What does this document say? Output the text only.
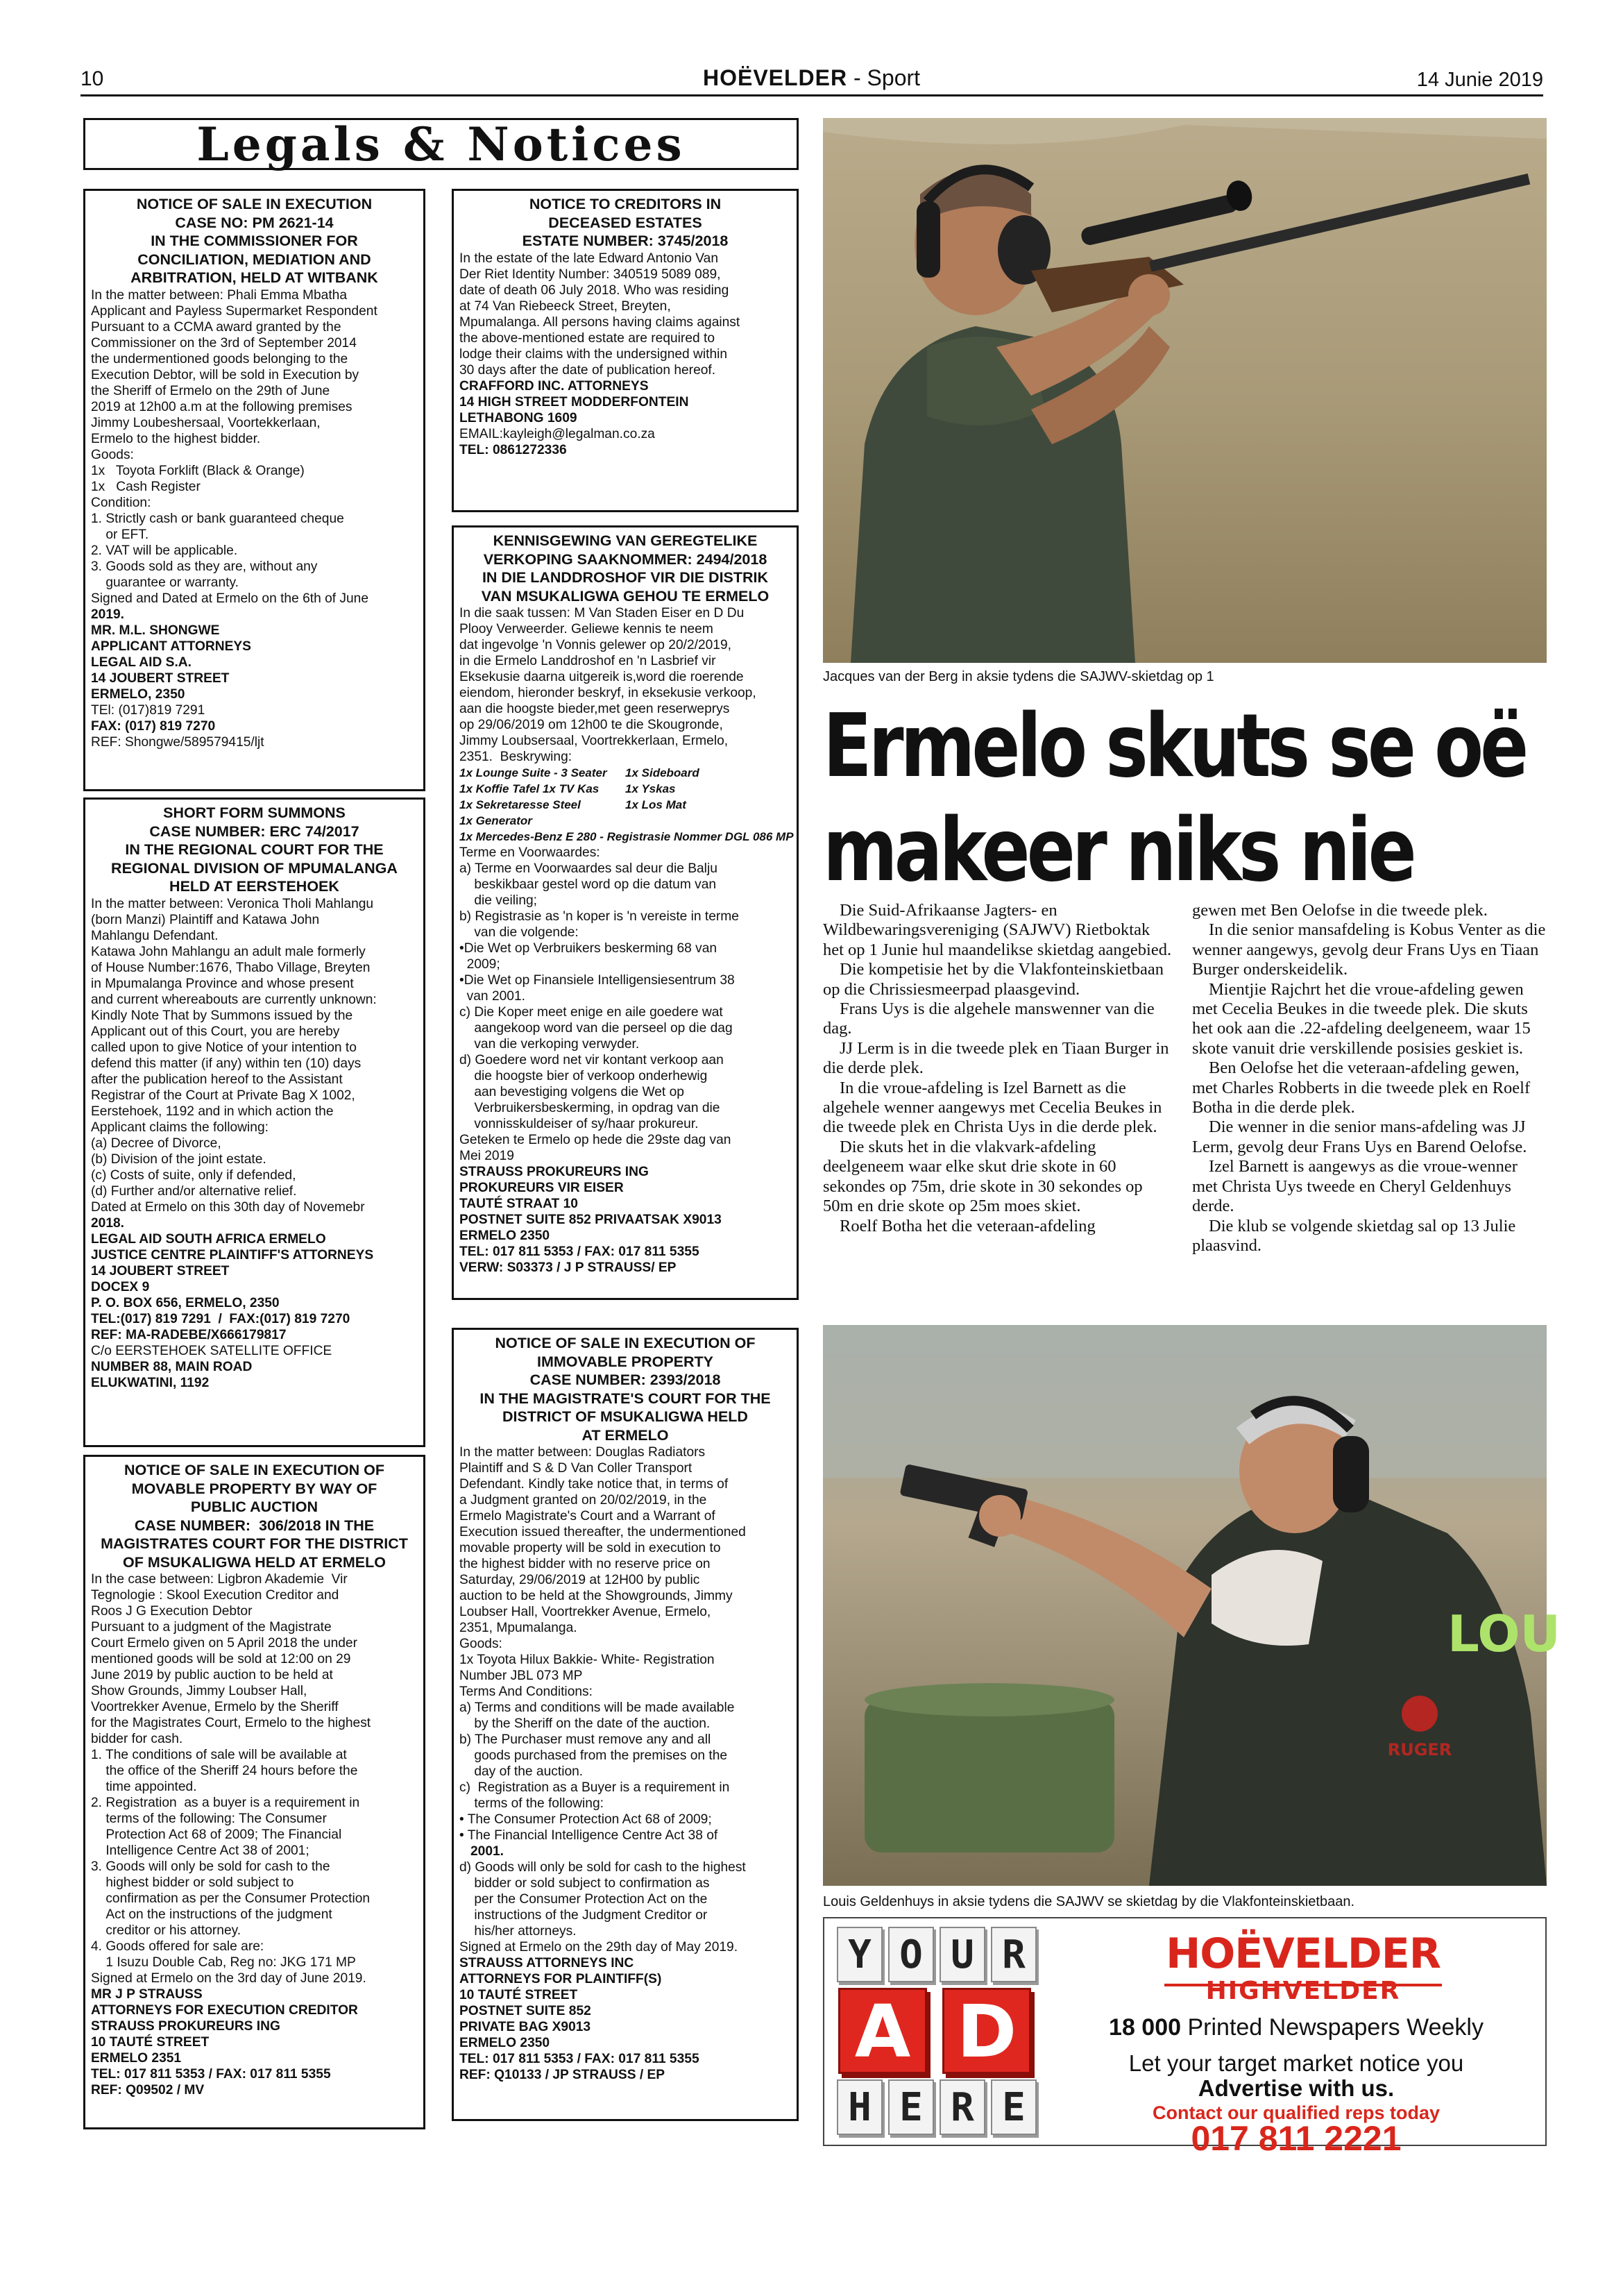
10	HOËVELDER - Sport	14 Junie 2019
Legals & Notices
NOTICE OF SALE IN EXECUTION
CASE NO: PM 2621-14
IN THE COMMISSIONER FOR
CONCILIATION, MEDIATION AND
ARBITRATION, HELD AT WITBANK
In the matter between: Phali Emma Mbatha
Applicant and Payless Supermarket Respondent
Pursuant to a CCMA award granted by the
Commissioner on the 3rd of September 2014
the undermentioned goods belonging to the
Execution Debtor, will be sold in Execution by
the Sheriff of Ermelo on the 29th of June
2019 at 12h00 a.m at the following premises
Jimmy Loubeshersaal, Voortekkerlaan,
Ermelo to the highest bidder.
Goods:
1x   Toyota Forklift (Black & Orange)
1x   Cash Register
Condition:
1. Strictly cash or bank guaranteed cheque
or EFT.
2. VAT will be applicable.
3. Goods sold as they are, without any
guarantee or warranty.
Signed and Dated at Ermelo on the 6th of June
2019.
MR. M.L. SHONGWE
APPLICANT ATTORNEYS
LEGAL AID S.A.
14 JOUBERT STREET
ERMELO, 2350
TEl: (017)819 7291
FAX: (017) 819 7270
REF: Shongwe/589579415/ljt
SHORT FORM SUMMONS
CASE NUMBER: ERC 74/2017
IN THE REGIONAL COURT FOR THE
REGIONAL DIVISION OF MPUMALANGA
HELD AT EERSTEHOEK
In the matter between: Veronica Tholi Mahlangu
(born Manzi) Plaintiff and Katawa John
Mahlangu Defendant.
Katawa John Mahlangu an adult male formerly
of House Number:1676, Thabo Village, Breyten
in Mpumalanga Province and whose present
and current whereabouts are currently unknown:
Kindly Note That by Summons issued by the
Applicant out of this Court, you are hereby
called upon to give Notice of your intention to
defend this matter (if any) within ten (10) days
after the publication hereof to the Assistant
Registrar of the Court at Private Bag X 1002,
Eerstehoek, 1192 and in which action the
Applicant claims the following:
(a) Decree of Divorce,
(b) Division of the joint estate.
(c) Costs of suite, only if defended,
(d) Further and/or alternative relief.
Dated at Ermelo on this 30th day of Novemebr
2018.
LEGAL AID SOUTH AFRICA ERMELO
JUSTICE CENTRE PLAINTIFF'S ATTORNEYS
14 JOUBERT STREET
DOCEX 9
P. O. BOX 656, ERMELO, 2350
TEL:(017) 819 7291  /  FAX:(017) 819 7270
REF: MA-RADEBE/X666179817
C/o EERSTEHOEK SATELLITE OFFICE
NUMBER 88, MAIN ROAD
ELUKWATINI, 1192
NOTICE OF SALE IN EXECUTION OF
MOVABLE PROPERTY BY WAY OF
PUBLIC AUCTION
CASE NUMBER:  306/2018 IN THE
MAGISTRATES COURT FOR THE DISTRICT
OF MSUKALIGWA HELD AT ERMELO
In the case between: Ligbron Akademie  Vir
Tegnologie : Skool Execution Creditor and
Roos J G Execution Debtor
Pursuant to a judgment of the Magistrate
Court Ermelo given on 5 April 2018 the under
mentioned goods will be sold at 12:00 on 29
June 2019 by public auction to be held at
Show Grounds, Jimmy Loubser Hall,
Voortrekker Avenue, Ermelo by the Sheriff
for the Magistrates Court, Ermelo to the highest
bidder for cash.
1. The conditions of sale will be available at
the office of the Sheriff 24 hours before the
time appointed.
2. Registration  as a buyer is a requirement in
terms of the following: The Consumer
Protection Act 68 of 2009; The Financial
Intelligence Centre Act 38 of 2001;
3. Goods will only be sold for cash to the
highest bidder or sold subject to
confirmation as per the Consumer Protection
Act on the instructions of the judgment
creditor or his attorney.
4. Goods offered for sale are:
1 Isuzu Double Cab, Reg no: JKG 171 MP
Signed at Ermelo on the 3rd day of June 2019.
MR J P STRAUSS
ATTORNEYS FOR EXECUTION CREDITOR
STRAUSS PROKUREURS ING
10 TAUTÉ STREET
ERMELO 2351
TEL: 017 811 5353 / FAX: 017 811 5355
REF: Q09502 / MV
NOTICE TO CREDITORS IN
DECEASED ESTATES
ESTATE NUMBER: 3745/2018
In the estate of the late Edward Antonio Van
Der Riet Identity Number: 340519 5089 089,
date of death 06 July 2018. Who was residing
at 74 Van Riebeeck Street, Breyten,
Mpumalanga. All persons having claims against
the above-mentioned estate are required to
lodge their claims with the undersigned within
30 days after the date of publication hereof.
CRAFFORD INC. ATTORNEYS
14 HIGH STREET MODDERFONTEIN
LETHABONG 1609
EMAIL:kayleigh@legalman.co.za
TEL: 0861272336
KENNISGEWING VAN GEREGTELIKE
VERKOPING SAAKNOMMER: 2494/2018
IN DIE LANDDROSHOF VIR DIE DISTRIK
VAN MSUKALIGWA GEHOU TE ERMELO
In die saak tussen: M Van Staden Eiser en D Du
Plooy Verweerder. Geliewe kennis te neem
dat ingevolge 'n Vonnis gelewer op 20/2/2019,
in die Ermelo Landdroshof en 'n Lasbrief vir
Eksekusie daarna uitgereik is,word die roerende
eiendom, hieronder beskryf, in eksekusie verkoop,
aan die hoogste bieder,met geen reserweprys
op 29/06/2019 om 12h00 te die Skougronde,
Jimmy Loubsersaal, Voortrekkerlaan, Ermelo,
2351.  Beskrywing:
1x Lounge Suite - 3 Seater	1x Sideboard
1x Koffie Tafel 1x TV Kas	1x Yskas
1x Sekretaresse Steel	1x Los Mat
1x Generator
1x Mercedes-Benz E 280 - Registrasie Nommer DGL 086 MP
Terme en Voorwaardes:
a) Terme en Voorwaardes sal deur die Balju
beskikbaar gestel word op die datum van
die veiling;
b) Registrasie as 'n koper is 'n vereiste in terme
van die volgende:
•Die Wet op Verbruikers beskerming 68 van
2009;
•Die Wet op Finansiele Intelligensiesentrum 38
van 2001.
c) Die Koper meet enige en aile goedere wat
aangekoop word van die perseel op die dag
van die verkoping verwyder.
d) Goedere word net vir kontant verkoop aan
die hoogste bier of verkoop onderhewig
aan bevestiging volgens die Wet op
Verbruikersbeskerming, in opdrag van die
vonnisskuldeiser of sy/haar prokureur.
Geteken te Ermelo op hede die 29ste dag van
Mei 2019
STRAUSS PROKUREURS ING
PROKUREURS VIR EISER
TAUTÉ STRAAT 10
POSTNET SUITE 852 PRIVAATSAK X9013
ERMELO 2350
TEL: 017 811 5353 / FAX: 017 811 5355
VERW: S03373 / J P STRAUSS/ EP
NOTICE OF SALE IN EXECUTION OF
IMMOVABLE PROPERTY
CASE NUMBER: 2393/2018
IN THE MAGISTRATE'S COURT FOR THE
DISTRICT OF MSUKALIGWA HELD
AT ERMELO
In the matter between: Douglas Radiators
Plaintiff and S & D Van Coller Transport
Defendant. Kindly take notice that, in terms of
a Judgment granted on 20/02/2019, in the
Ermelo Magistrate's Court and a Warrant of
Execution issued thereafter, the undermentioned
movable property will be sold in execution to
the highest bidder with no reserve price on
Saturday, 29/06/2019 at 12H00 by public
auction to be held at the Showgrounds, Jimmy
Loubser Hall, Voortrekker Avenue, Ermelo,
2351, Mpumalanga.
Goods:
1x Toyota Hilux Bakkie- White- Registration
Number JBL 073 MP
Terms And Conditions:
a) Terms and conditions will be made available
by the Sheriff on the date of the auction.
b) The Purchaser must remove any and all
goods purchased from the premises on the
day of the auction.
c)  Registration as a Buyer is a requirement in
terms of the following:
• The Consumer Protection Act 68 of 2009;
• The Financial Intelligence Centre Act 38 of
2001.
d) Goods will only be sold for cash to the highest
bidder or sold subject to confirmation as
per the Consumer Protection Act on the
instructions of the Judgment Creditor or
his/her attorneys.
Signed at Ermelo on the 29th day of May 2019.
STRAUSS ATTORNEYS INC
ATTORNEYS FOR PLAINTIFF(S)
10 TAUTÉ STREET
POSTNET SUITE 852
PRIVATE BAG X9013
ERMELO 2350
TEL: 017 811 5353 / FAX: 017 811 5355
REF: Q10133 / JP STRAUSS / EP
Jacques van der Berg in aksie tydens die SAJWV-skietdag op 1
Ermelo skuts se oë
makeer niks nie

Die Suid-Afrikaanse Jagters- en Wildbewaringsvereniging (SAJWV) Rietboktak het op 1 Junie hul maandelikse skietdag aangebied.

Die kompetisie het by die Vlakfonteinskietbaan op die Chrissiesmeerpad plaasgevind.

Frans Uys is die algehele manswenner van die dag.

JJ Lerm is in die tweede plek en Tiaan Burger in die derde plek.

In die vroue-afdeling is Izel Barnett as die algehele wenner aangewys met Cecelia Beukes in die tweede plek en Christa Uys in die derde plek.

Die skuts het in die vlakvark-afdeling deelgeneem waar elke skut drie skote in 60 sekondes op 75m, drie skote in 30 sekondes op 50m en drie skote op 25m moes skiet.

Roelf Botha het die veteraan-afdeling

gewen met Ben Oelofse in die tweede plek.

In die senior mansafdeling is Kobus Venter as die wenner aangewys, gevolg deur Frans Uys en Tiaan Burger onderskeidelik.

Mientjie Rajchrt het die vroue-afdeling gewen met Cecelia Beukes in die tweede plek. Die skuts het ook aan die .22-afdeling deelgeneem, waar 15 skote vanuit drie verskillende posisies geskiet is.

Ben Oelofse het die veteraan-afdeling gewen, met Charles Robberts in die tweede plek en Roelf Botha in die derde plek.

Die wenner in die senior mans-afdeling was JJ Lerm, gevolg deur Frans Uys en Barend Oelofse.

Izel Barnett is aangewys as die vroue-wenner met Christa Uys tweede en Cheryl Geldenhuys derde.

Die klub se volgende skietdag sal op 13 Julie plaasvind.

RUGER
LOU
Louis Geldenhuys in aksie tydens die SAJWV se skietdag by die Vlakfonteinskietbaan.
Y O U R
H E R E
A D
HOËVELDER
HIGHVELDER
18 000 Printed Newspapers Weekly
Let your target market notice you
Advertise with us.
Contact our qualified reps today
017 811 2221
